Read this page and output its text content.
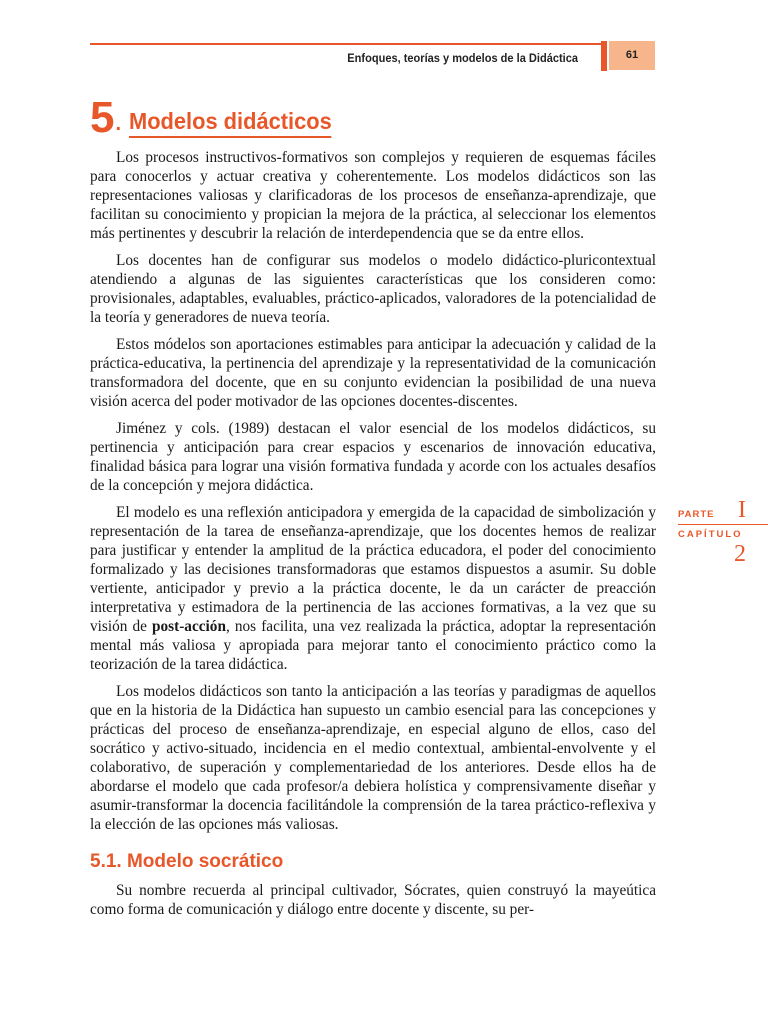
Enfoques, teorías y modelos de la Didáctica	61
5 . Modelos didácticos

Los procesos instructivos-formativos son complejos y requieren de esquemas fáciles para conocerlos y actuar creativa y coherentemente. Los modelos didácticos son las representaciones valiosas y clarificadoras de los procesos de enseñanza-aprendizaje, que facilitan su conocimiento y propician la mejora de la práctica, al seleccionar los elementos más pertinentes y descubrir la relación de interdependencia que se da entre ellos.

Los docentes han de configurar sus modelos o modelo didáctico-pluricontextual atendiendo a algunas de las siguientes características que los consideren como: provisionales, adaptables, evaluables, práctico-aplicados, valoradores de la potencialidad de la teoría y generadores de nueva teoría.

Estos módelos son aportaciones estimables para anticipar la adecuación y calidad de la práctica-educativa, la pertinencia del aprendizaje y la representatividad de la comunicación transformadora del docente, que en su conjunto evidencian la posibilidad de una nueva visión acerca del poder motivador de las opciones docentes-discentes.

Jiménez y cols. (1989) destacan el valor esencial de los modelos didácticos, su pertinencia y anticipación para crear espacios y escenarios de innovación educativa, finalidad básica para lograr una visión formativa fundada y acorde con los actuales desafíos de la concepción y mejora didáctica.

El modelo es una reflexión anticipadora y emergida de la capacidad de simbolización y representación de la tarea de enseñanza-aprendizaje, que los docentes hemos de realizar para justificar y entender la amplitud de la práctica educadora, el poder del conocimiento formalizado y las decisiones transformadoras que estamos dispuestos a asumir. Su doble vertiente, anticipador y previo a la práctica docente, le da un carácter de preacción interpretativa y estimadora de la pertinencia de las acciones formativas, a la vez que su visión de post-acción, nos facilita, una vez realizada la práctica, adoptar la representación mental más valiosa y apropiada para mejorar tanto el conocimiento práctico como la teorización de la tarea didáctica.

Los modelos didácticos son tanto la anticipación a las teorías y paradigmas de aquellos que en la historia de la Didáctica han supuesto un cambio esencial para las concepciones y prácticas del proceso de enseñanza-aprendizaje, en especial alguno de ellos, caso del socrático y activo-situado, incidencia en el medio contextual, ambiental-envolvente y el colaborativo, de superación y complementariedad de los anteriores. Desde ellos ha de abordarse el modelo que cada profesor/a debiera holística y comprensivamente diseñar y asumir-transformar la docencia facilitándole la comprensión de la tarea práctico-reflexiva y la elección de las opciones más valiosas.

5.1. Modelo socrático

Su nombre recuerda al principal cultivador, Sócrates, quien construyó la mayeútica como forma de comunicación y diálogo entre docente y discente, su per-

PARTE I
CAPÍTULO
2
